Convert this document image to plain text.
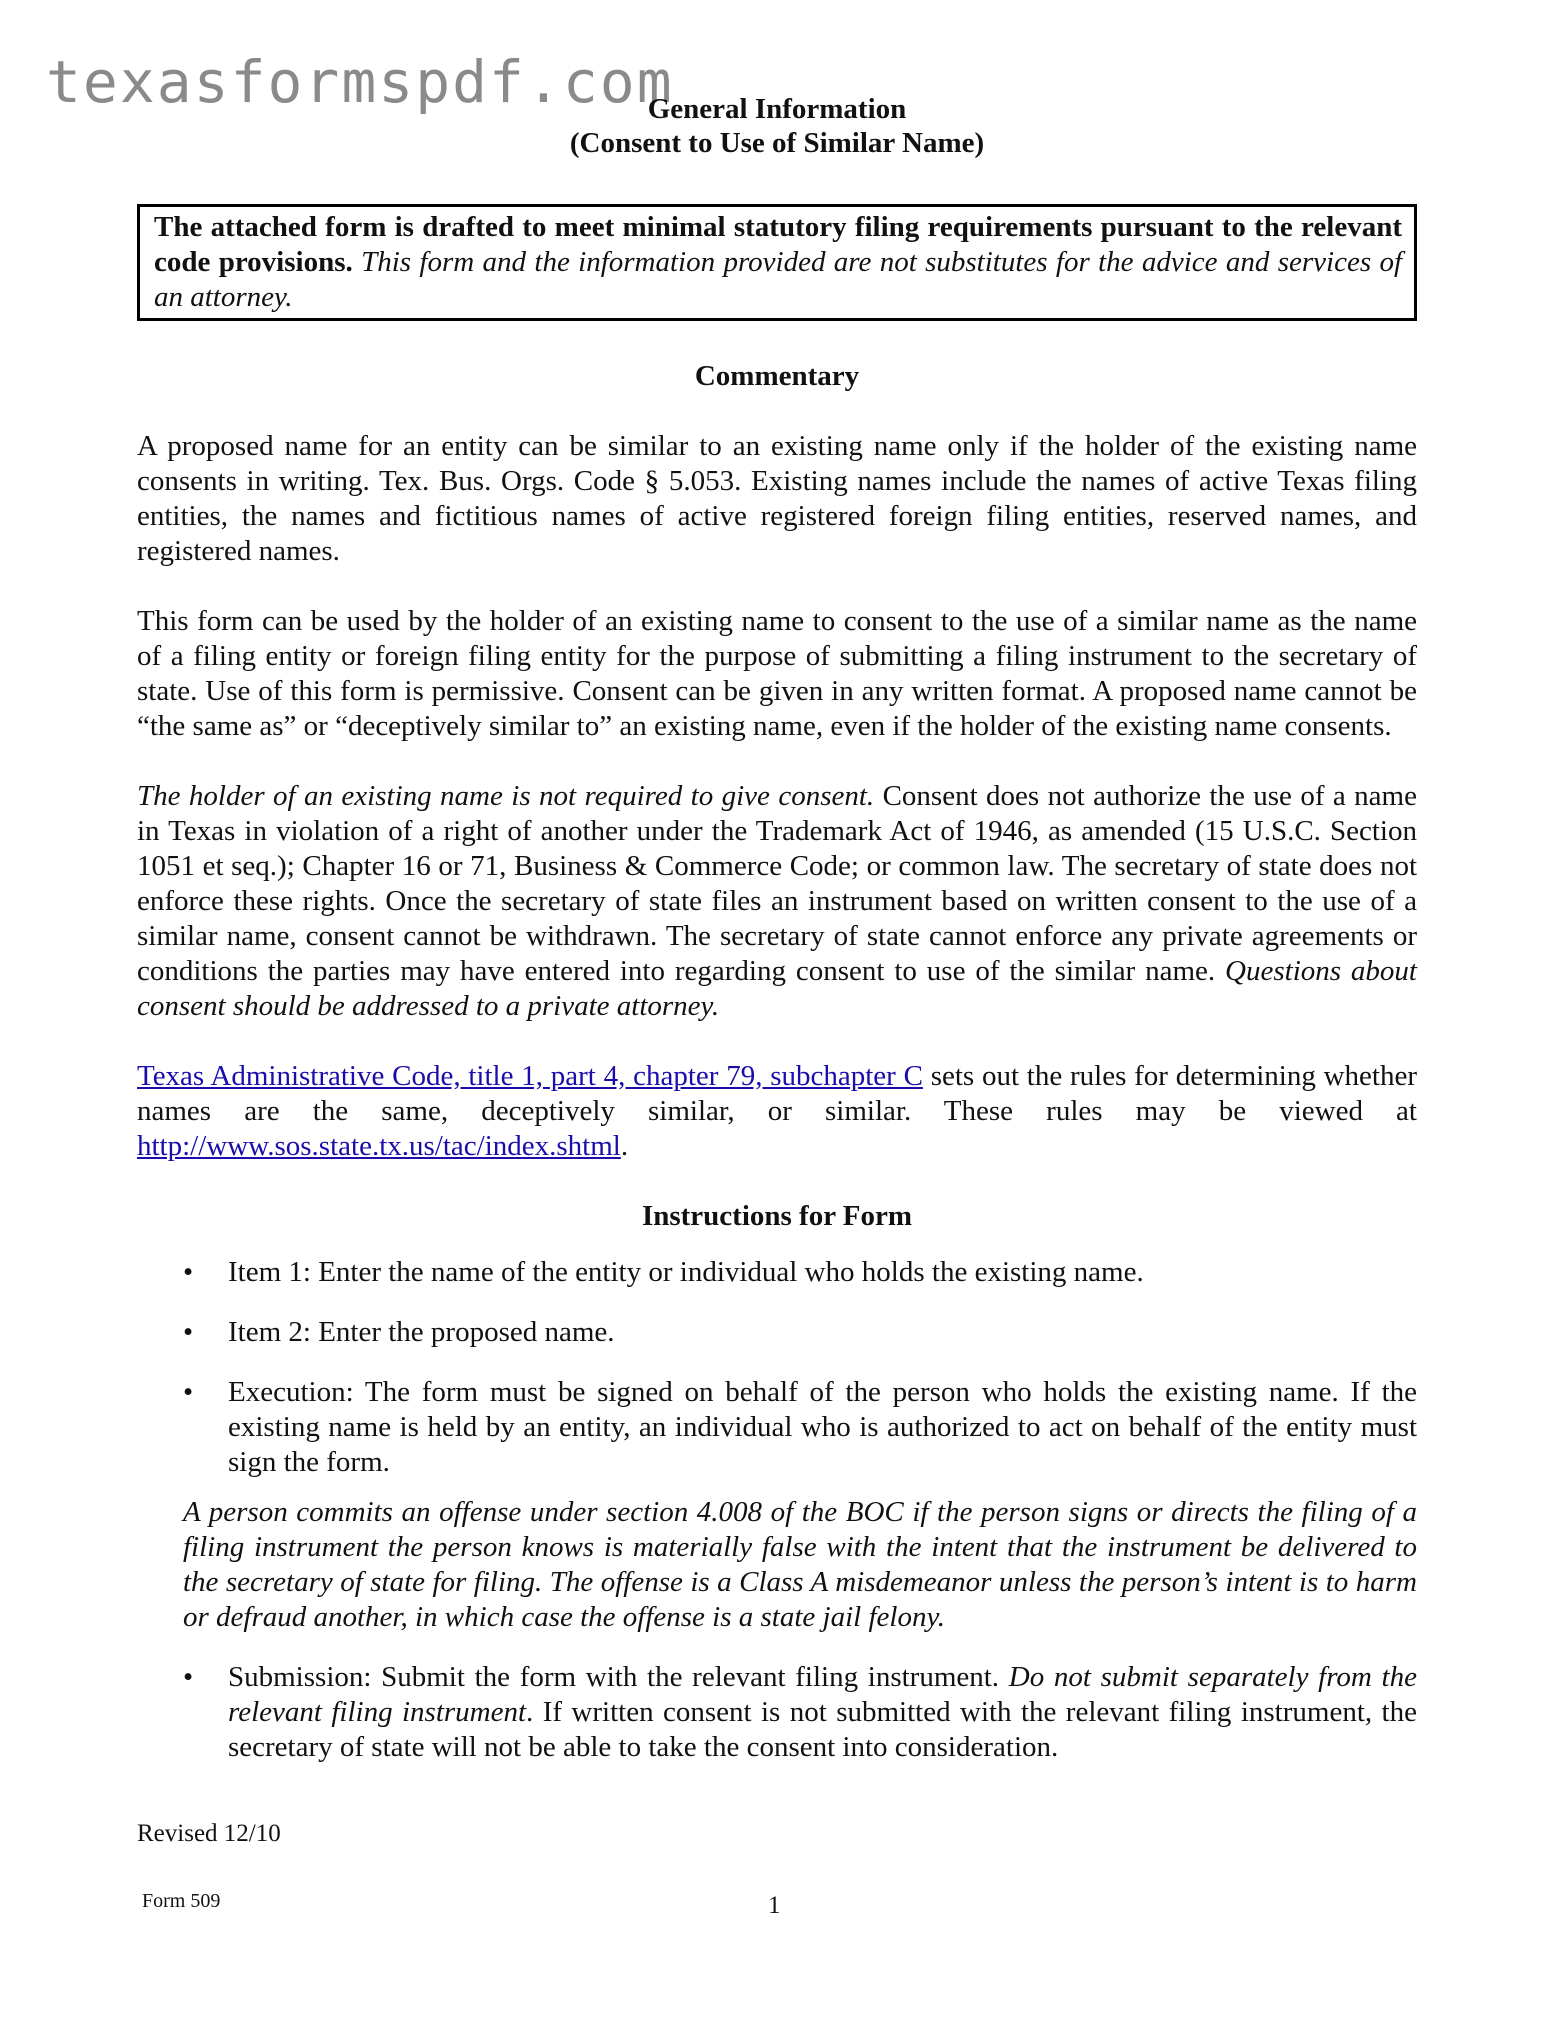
texasformspdf.com

General Information

(Consent to Use of Similar Name)

The attached form is drafted to meet minimal statutory filing requirements pursuant to the relevant code provisions. This form and the information provided are not substitutes for the advice and services of an attorney.
Commentary

A proposed name for an entity can be similar to an existing name only if the holder of the existing name consents in writing. Tex. Bus. Orgs. Code § 5.053. Existing names include the names of active Texas filing entities, the names and fictitious names of active registered foreign filing entities, reserved names, and registered names.

This form can be used by the holder of an existing name to consent to the use of a similar name as the name of a filing entity or foreign filing entity for the purpose of submitting a filing instrument to the secretary of state. Use of this form is permissive. Consent can be given in any written format. A proposed name cannot be “the same as” or “deceptively similar to” an existing name, even if the holder of the existing name consents.

The holder of an existing name is not required to give consent. Consent does not authorize the use of a name in Texas in violation of a right of another under the Trademark Act of 1946, as amended (15 U.S.C. Section 1051 et seq.); Chapter 16 or 71, Business & Commerce Code; or common law. The secretary of state does not enforce these rights. Once the secretary of state files an instrument based on written consent to the use of a similar name, consent cannot be withdrawn. The secretary of state cannot enforce any private agreements or conditions the parties may have entered into regarding consent to use of the similar name. Questions about consent should be addressed to a private attorney.

Texas Administrative Code, title 1, part 4, chapter 79, subchapter C sets out the rules for determining whether names are the same, deceptively similar, or similar. These rules may be viewed at http://www.sos.state.tx.us/tac/index.shtml.

Instructions for Form
• Item 1: Enter the name of the entity or individual who holds the existing name.
• Item 2: Enter the proposed name.
• Execution: The form must be signed on behalf of the person who holds the existing name. If the existing name is held by an entity, an individual who is authorized to act on behalf of the entity must sign the form.

A person commits an offense under section 4.008 of the BOC if the person signs or directs the filing of a filing instrument the person knows is materially false with the intent that the instrument be delivered to the secretary of state for filing. The offense is a Class A misdemeanor unless the person’s intent is to harm or defraud another, in which case the offense is a state jail felony.

• Submission: Submit the form with the relevant filing instrument. Do not submit separately from the relevant filing instrument. If written consent is not submitted with the relevant filing instrument, the secretary of state will not be able to take the consent into consideration.
Revised 12/10
Form 509	1
